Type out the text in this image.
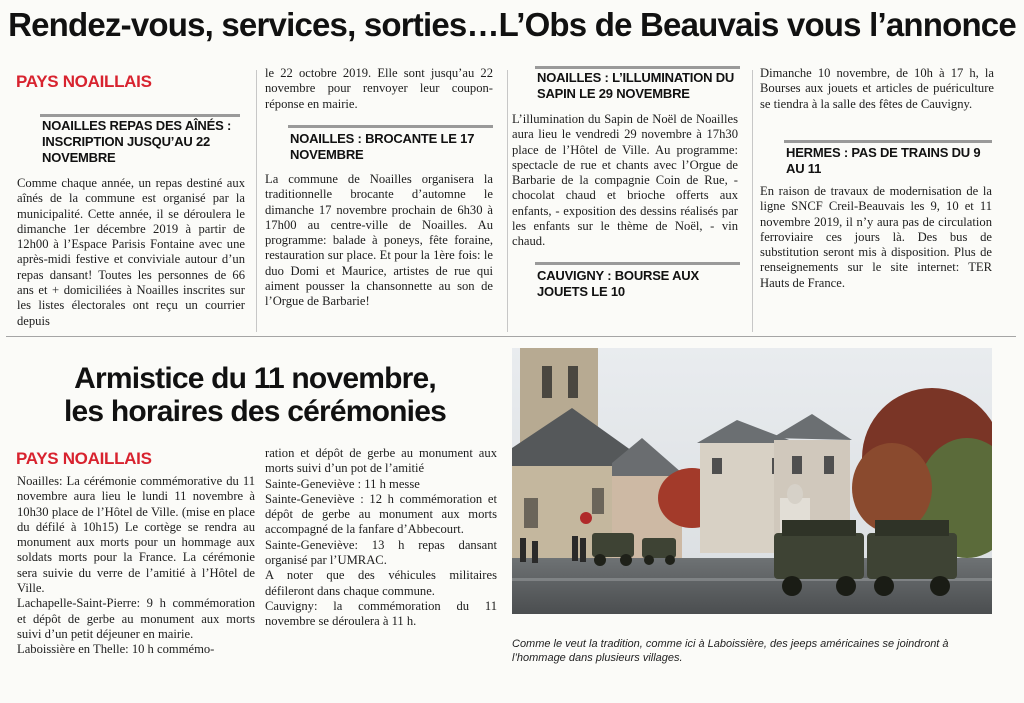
Rendez-vous, services, sorties…L’Obs de Beauvais vous l’annonce
PAYS NOAILLAIS
NOAILLES REPAS DES AÎNÉS : INSCRIPTION JUSQU’AU 22 NOVEMBRE

Comme chaque année, un repas destiné aux aînés de la commune est organisé par la municipalité. Cette année, il se déroulera le dimanche 1er décembre 2019 à partir de 12h00 à l’Espace Parisis Fontaine avec une après-midi festive et conviviale autour d’un repas dansant! Toutes les personnes de 66 ans et + domiciliées à Noailles inscrites sur les listes électorales ont reçu un courrier depuis

le 22 octobre 2019. Elle sont jusqu’au 22 novembre pour renvoyer leur coupon-réponse en mairie.

NOAILLES : BROCANTE LE 17 NOVEMBRE

La commune de Noailles organisera la traditionnelle brocante d’automne le dimanche 17 novembre prochain de 6h30 à 17h00 au centre-ville de Noailles. Au programme: balade à poneys, fête foraine, restauration sur place. Et pour la 1ère fois: le duo Domi et Maurice, artistes de rue qui aiment pousser la chansonnette au son de l’Orgue de Barbarie!

NOAILLES : L’ILLUMINATION DU SAPIN LE 29 NOVEMBRE

L’illumination du Sapin de Noël de Noailles aura lieu le vendredi 29 novembre à 17h30 place de l’Hôtel de Ville. Au programme: spectacle de rue et chants avec l’Orgue de Barbarie de la compagnie Coin de Rue, - chocolat chaud et brioche offerts aux enfants, - exposition des dessins réalisés par les enfants sur le thème de Noël, - vin chaud.

CAUVIGNY : BOURSE AUX JOUETS LE 10

Dimanche 10 novembre, de 10h à 17 h, la Bourses aux jouets et articles de puériculture se tiendra à la salle des fêtes de Cauvigny.

HERMES : PAS DE TRAINS DU 9 AU 11

En raison de travaux de modernisation de la ligne SNCF Creil-Beauvais les 9, 10 et 11 novembre 2019, il n’y aura pas de circulation ferroviaire ces jours là. Des bus de substitution seront mis à disposition. Plus de renseignements sur le site internet: TER Hauts de France.

Armistice du 11 novembre,
les horaires des cérémonies
PAYS NOAILLAIS

Noailles: La cérémonie commémorative du 11 novembre aura lieu le lundi 11 novembre à 10h30 place de l’Hôtel de Ville. (mise en place du défilé à 10h15) Le cortège se rendra au monument aux morts pour un hommage aux soldats morts pour la France. La cérémonie sera suivie du verre de l’amitié à l’Hôtel de Ville.

Lachapelle-Saint-Pierre: 9 h commémoration et dépôt de gerbe au monument aux morts suivi d’un petit déjeuner en mairie.

Laboissière en Thelle: 10 h commémo-

ration et dépôt de gerbe au monument aux morts suivi d’un pot de l’amitié

Sainte-Geneviève : 11 h messe

Sainte-Geneviève : 12 h commémoration et dépôt de gerbe au monument aux morts accompagné de la fanfare d’Abbecourt.

Sainte-Geneviève: 13 h repas dansant organisé par l’UMRAC.

A noter que des véhicules militaires défileront dans chaque commune.

Cauvigny: la commémoration du 11 novembre se déroulera à 11 h.

Comme le veut la tradition, comme ici à Laboissière, des jeeps américaines se joindront à l’hommage dans plusieurs villages.
